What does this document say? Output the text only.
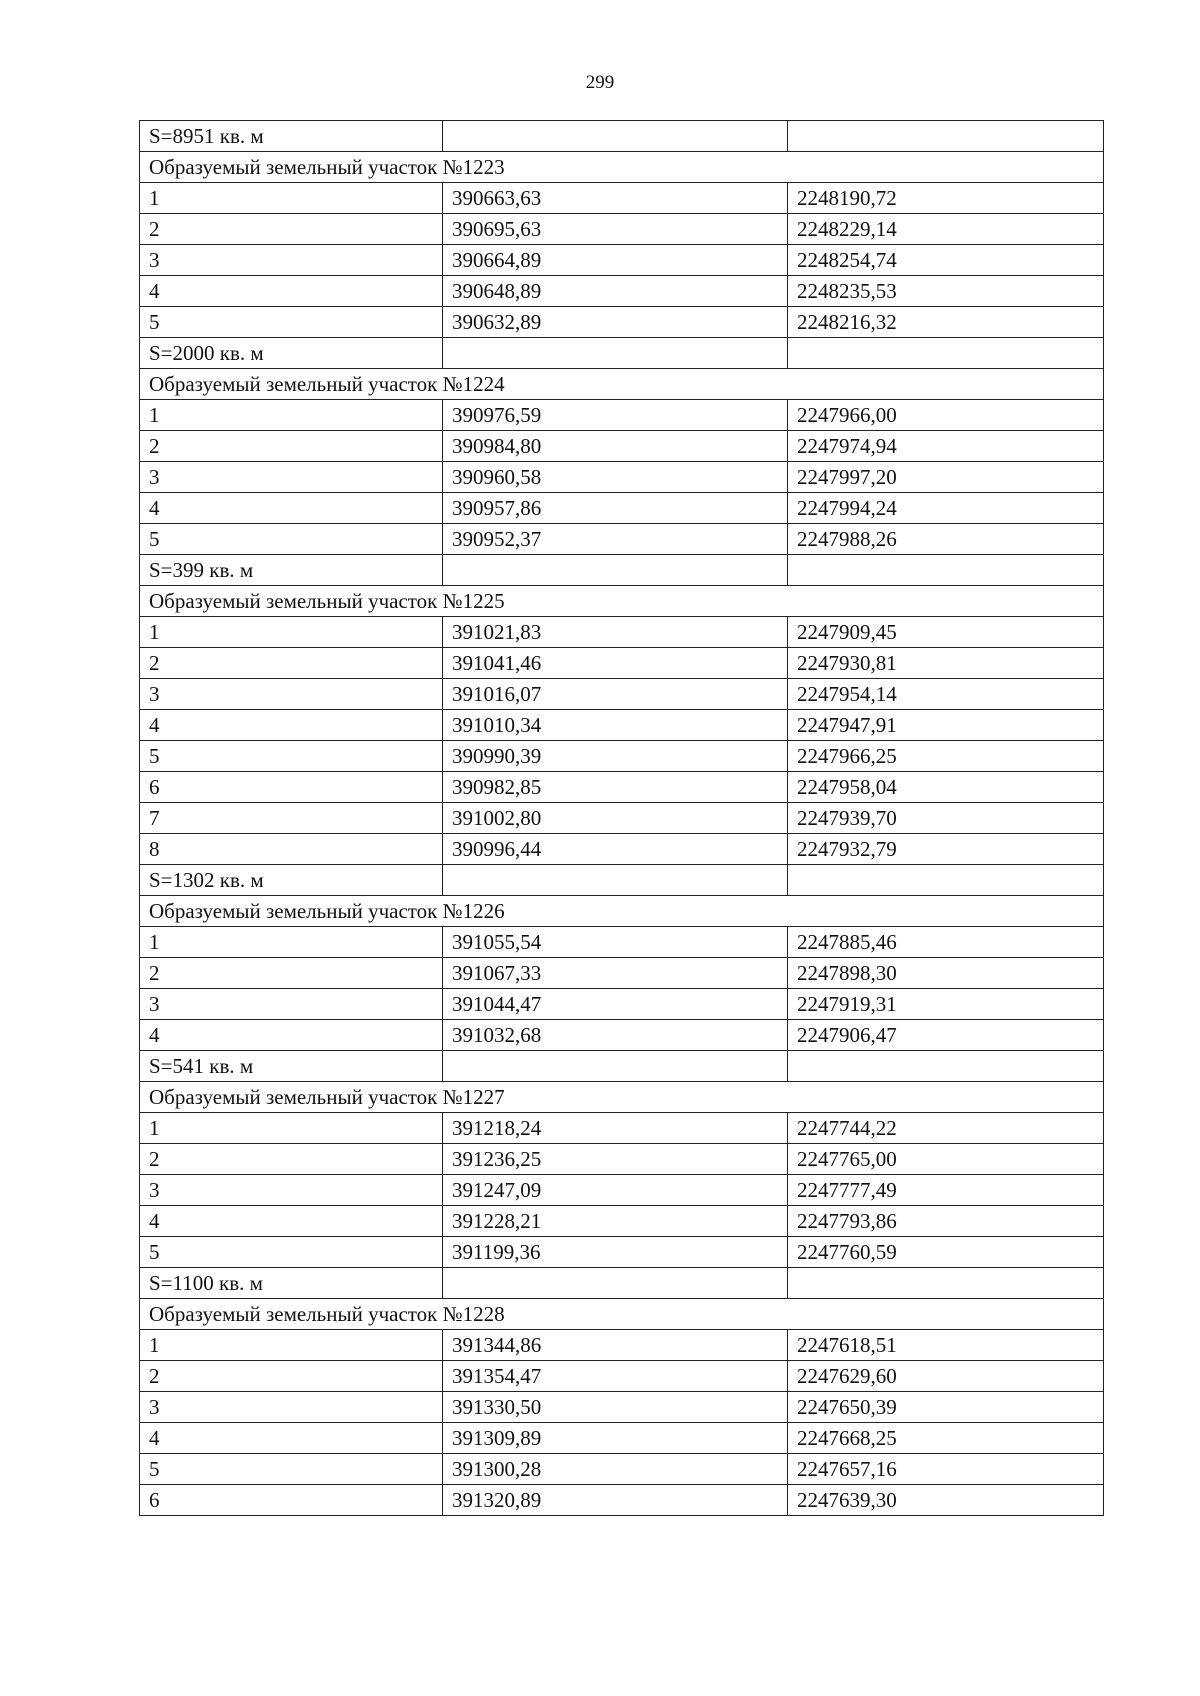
299
S=8951 кв. м		
Образуемый земельный участок №1223		
1	390663,63	2248190,72
2	390695,63	2248229,14
3	390664,89	2248254,74
4	390648,89	2248235,53
5	390632,89	2248216,32
S=2000 кв. м		
Образуемый земельный участок №1224		
1	390976,59	2247966,00
2	390984,80	2247974,94
3	390960,58	2247997,20
4	390957,86	2247994,24
5	390952,37	2247988,26
S=399 кв. м		
Образуемый земельный участок №1225		
1	391021,83	2247909,45
2	391041,46	2247930,81
3	391016,07	2247954,14
4	391010,34	2247947,91
5	390990,39	2247966,25
6	390982,85	2247958,04
7	391002,80	2247939,70
8	390996,44	2247932,79
S=1302 кв. м		
Образуемый земельный участок №1226		
1	391055,54	2247885,46
2	391067,33	2247898,30
3	391044,47	2247919,31
4	391032,68	2247906,47
S=541 кв. м		
Образуемый земельный участок №1227		
1	391218,24	2247744,22
2	391236,25	2247765,00
3	391247,09	2247777,49
4	391228,21	2247793,86
5	391199,36	2247760,59
S=1100 кв. м		
Образуемый земельный участок №1228		
1	391344,86	2247618,51
2	391354,47	2247629,60
3	391330,50	2247650,39
4	391309,89	2247668,25
5	391300,28	2247657,16
6	391320,89	2247639,30
